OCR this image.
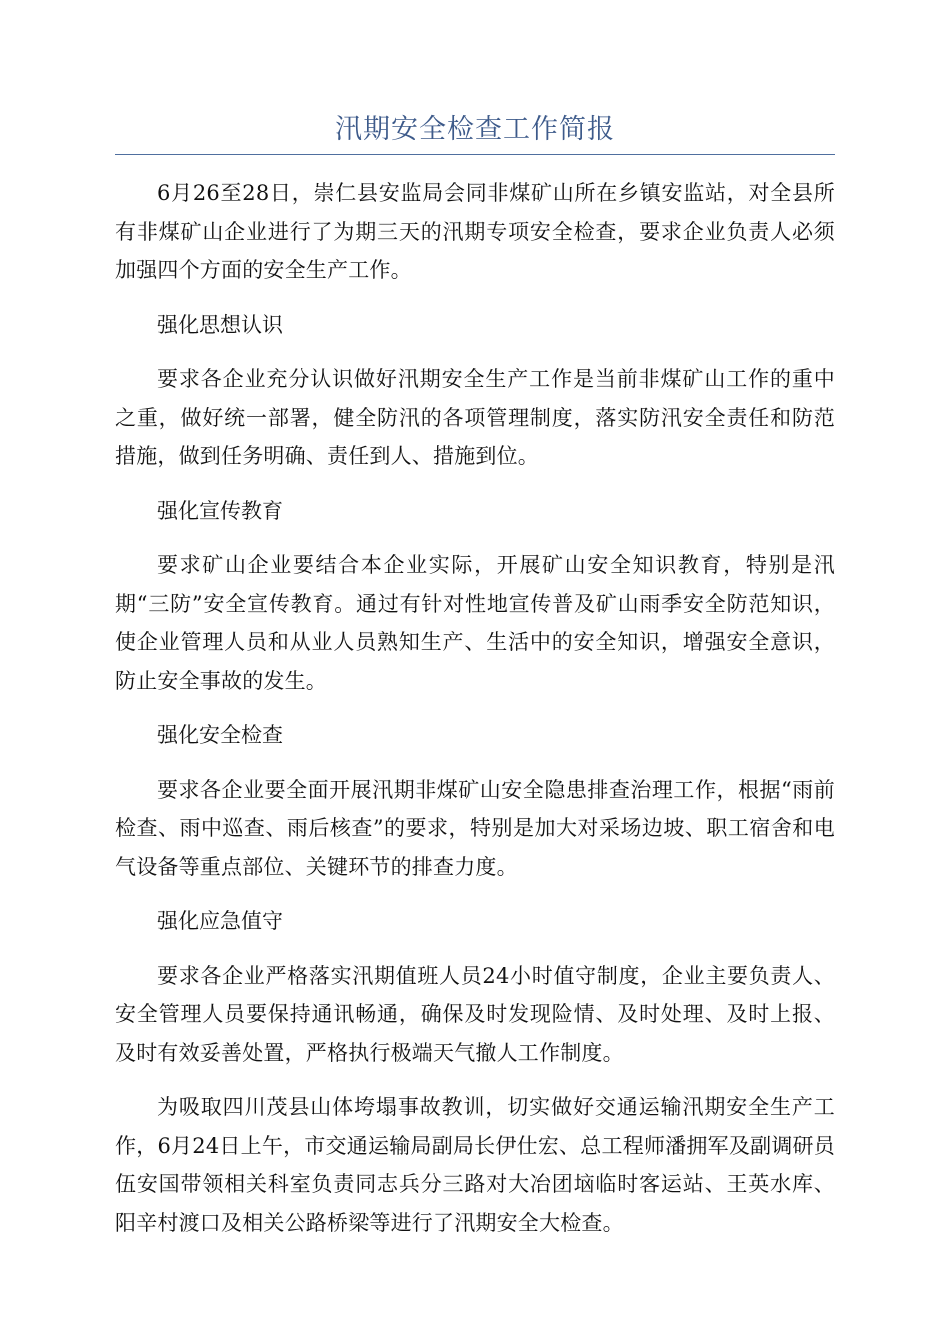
汛期安全检查工作简报

6月26至28日，崇仁县安监局会同非煤矿山所在乡镇安监站，对全县所有非煤矿山企业进行了为期三天的汛期专项安全检查，要求企业负责人必须加强四个方面的安全生产工作。

强化思想认识

要求各企业充分认识做好汛期安全生产工作是当前非煤矿山工作的重中之重，做好统一部署，健全防汛的各项管理制度，落实防汛安全责任和防范措施，做到任务明确、责任到人、措施到位。

强化宣传教育

要求矿山企业要结合本企业实际，开展矿山安全知识教育，特别是汛期“三防”安全宣传教育。通过有针对性地宣传普及矿山雨季安全防范知识，使企业管理人员和从业人员熟知生产、生活中的安全知识，增强安全意识，防止安全事故的发生。

强化安全检查

要求各企业要全面开展汛期非煤矿山安全隐患排查治理工作，根据“雨前检查、雨中巡查、雨后核查”的要求，特别是加大对采场边坡、职工宿舍和电气设备等重点部位、关键环节的排查力度。

强化应急值守

要求各企业严格落实汛期值班人员24小时值守制度，企业主要负责人、安全管理人员要保持通讯畅通，确保及时发现险情、及时处理、及时上报、及时有效妥善处置，严格执行极端天气撤人工作制度。

为吸取四川茂县山体垮塌事故教训，切实做好交通运输汛期安全生产工作，6月24日上午，市交通运输局副局长伊仕宏、总工程师潘拥军及副调研员伍安国带领相关科室负责同志兵分三路对大冶团垴临时客运站、王英水库、阳辛村渡口及相关公路桥梁等进行了汛期安全大检查。
